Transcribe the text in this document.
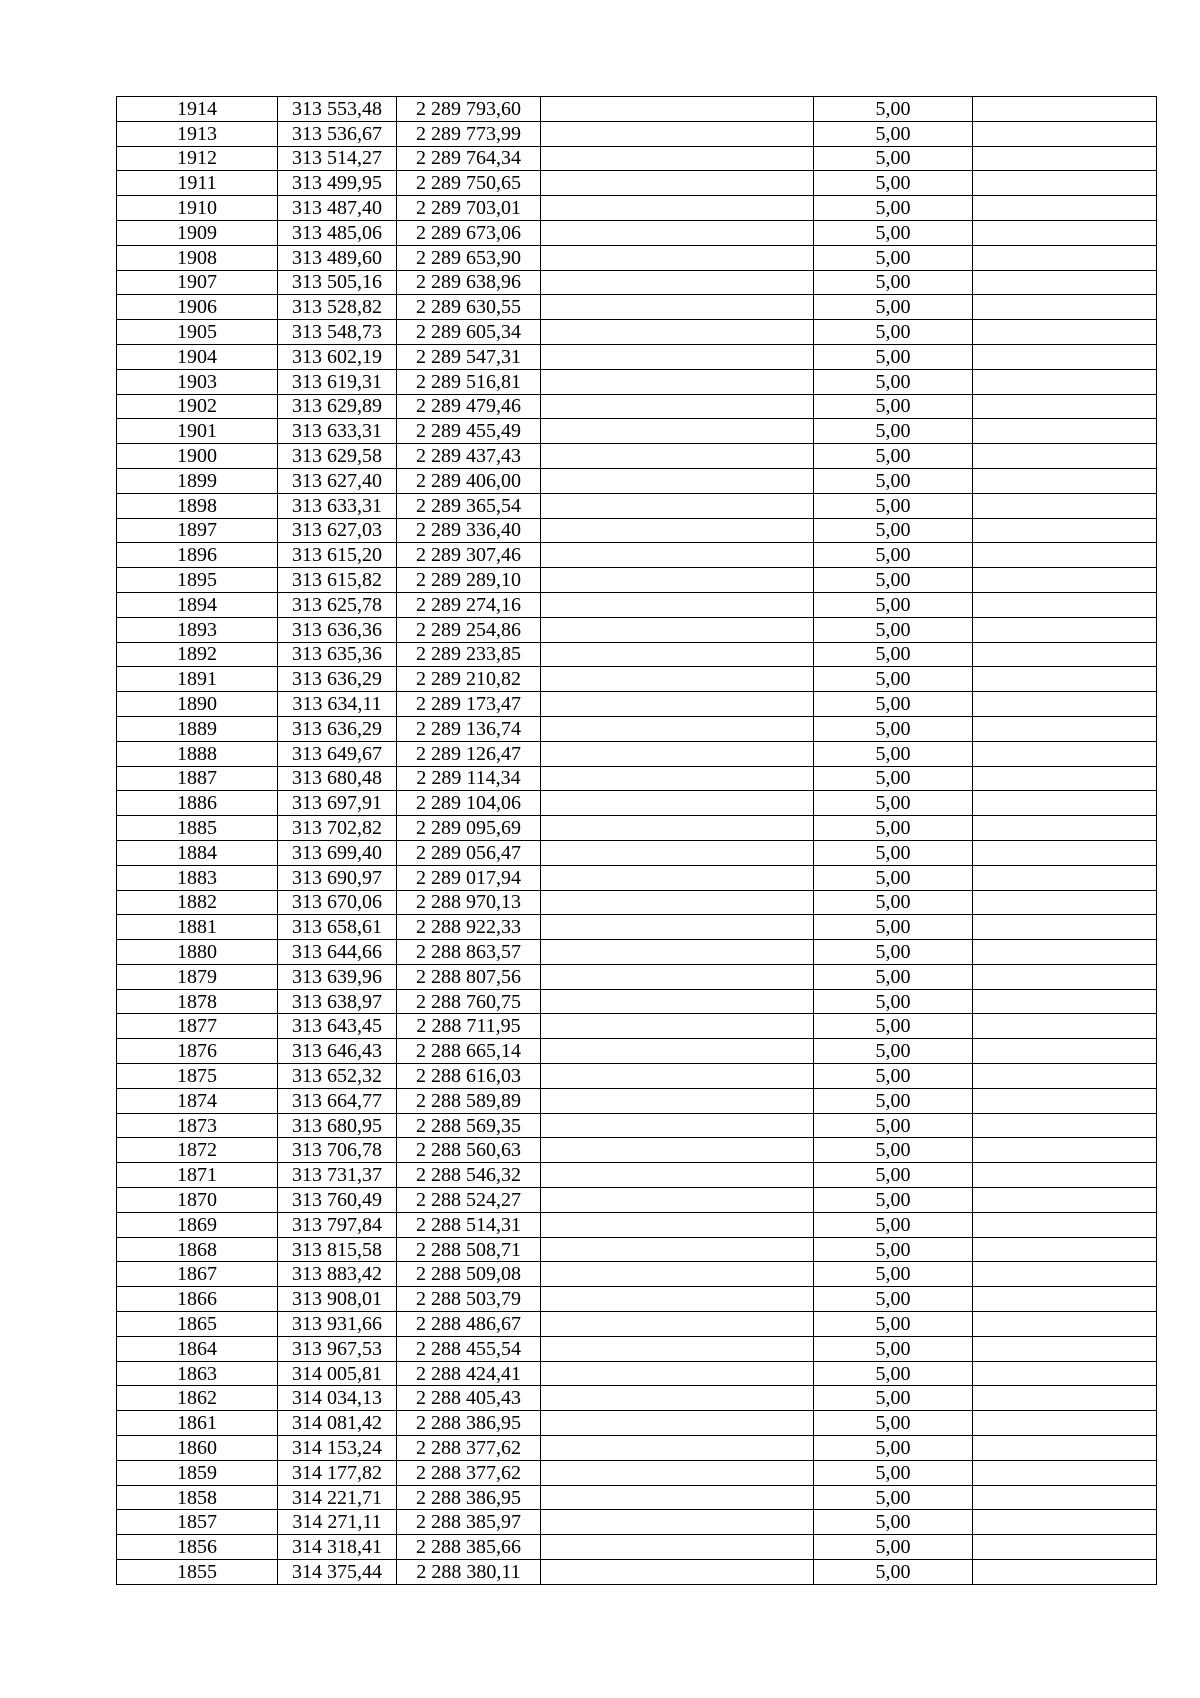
1914	313 553,48	2 289 793,60		5,00	
1913	313 536,67	2 289 773,99		5,00	
1912	313 514,27	2 289 764,34		5,00	
1911	313 499,95	2 289 750,65		5,00	
1910	313 487,40	2 289 703,01		5,00	
1909	313 485,06	2 289 673,06		5,00	
1908	313 489,60	2 289 653,90		5,00	
1907	313 505,16	2 289 638,96		5,00	
1906	313 528,82	2 289 630,55		5,00	
1905	313 548,73	2 289 605,34		5,00	
1904	313 602,19	2 289 547,31		5,00	
1903	313 619,31	2 289 516,81		5,00	
1902	313 629,89	2 289 479,46		5,00	
1901	313 633,31	2 289 455,49		5,00	
1900	313 629,58	2 289 437,43		5,00	
1899	313 627,40	2 289 406,00		5,00	
1898	313 633,31	2 289 365,54		5,00	
1897	313 627,03	2 289 336,40		5,00	
1896	313 615,20	2 289 307,46		5,00	
1895	313 615,82	2 289 289,10		5,00	
1894	313 625,78	2 289 274,16		5,00	
1893	313 636,36	2 289 254,86		5,00	
1892	313 635,36	2 289 233,85		5,00	
1891	313 636,29	2 289 210,82		5,00	
1890	313 634,11	2 289 173,47		5,00	
1889	313 636,29	2 289 136,74		5,00	
1888	313 649,67	2 289 126,47		5,00	
1887	313 680,48	2 289 114,34		5,00	
1886	313 697,91	2 289 104,06		5,00	
1885	313 702,82	2 289 095,69		5,00	
1884	313 699,40	2 289 056,47		5,00	
1883	313 690,97	2 289 017,94		5,00	
1882	313 670,06	2 288 970,13		5,00	
1881	313 658,61	2 288 922,33		5,00	
1880	313 644,66	2 288 863,57		5,00	
1879	313 639,96	2 288 807,56		5,00	
1878	313 638,97	2 288 760,75		5,00	
1877	313 643,45	2 288 711,95		5,00	
1876	313 646,43	2 288 665,14		5,00	
1875	313 652,32	2 288 616,03		5,00	
1874	313 664,77	2 288 589,89		5,00	
1873	313 680,95	2 288 569,35		5,00	
1872	313 706,78	2 288 560,63		5,00	
1871	313 731,37	2 288 546,32		5,00	
1870	313 760,49	2 288 524,27		5,00	
1869	313 797,84	2 288 514,31		5,00	
1868	313 815,58	2 288 508,71		5,00	
1867	313 883,42	2 288 509,08		5,00	
1866	313 908,01	2 288 503,79		5,00	
1865	313 931,66	2 288 486,67		5,00	
1864	313 967,53	2 288 455,54		5,00	
1863	314 005,81	2 288 424,41		5,00	
1862	314 034,13	2 288 405,43		5,00	
1861	314 081,42	2 288 386,95		5,00	
1860	314 153,24	2 288 377,62		5,00	
1859	314 177,82	2 288 377,62		5,00	
1858	314 221,71	2 288 386,95		5,00	
1857	314 271,11	2 288 385,97		5,00	
1856	314 318,41	2 288 385,66		5,00	
1855	314 375,44	2 288 380,11		5,00	
